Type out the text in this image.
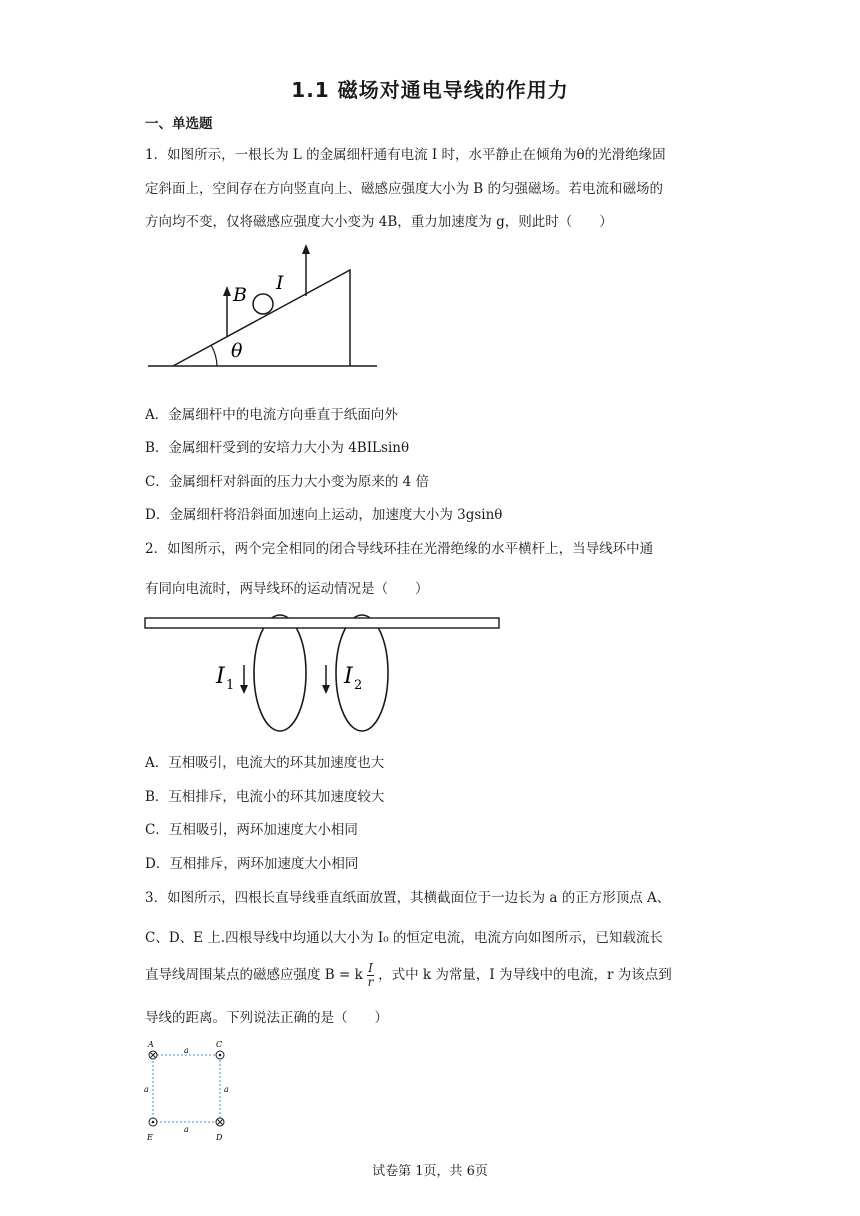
1.1 磁场对通电导线的作用力
一、单选题
1．如图所示，一根长为 L 的金属细杆通有电流 I 时，水平静止在倾角为θ的光滑绝缘固
定斜面上，空间存在方向竖直向上、磁感应强度大小为 B 的匀强磁场。若电流和磁场的
方向均不变，仅将磁感应强度大小变为 4B，重力加速度为 g，则此时（　　）
θ
B
I
A．金属细杆中的电流方向垂直于纸面向外
B．金属细杆受到的安培力大小为 4BILsinθ
C．金属细杆对斜面的压力大小变为原来的 4 倍
D．金属细杆将沿斜面加速向上运动，加速度大小为 3gsinθ
2．如图所示，两个完全相同的闭合导线环挂在光滑绝缘的水平横杆上，当导线环中通
有同向电流时，两导线环的运动情况是（　　）
I 1	I 2
A．互相吸引，电流大的环其加速度也大
B．互相排斥，电流小的环其加速度较大
C．互相吸引，两环加速度大小相同
D．互相排斥，两环加速度大小相同
3．如图所示，四根长直导线垂直纸面放置，其横截面位于一边长为 a 的正方形顶点 A、
C、D、E 上.四根导线中均通以大小为 I₀ 的恒定电流，电流方向如图所示，已知载流长
直导线周围某点的磁感应强度 B = k $\frac{I}{r}$ ，式中 k 为常量，I 为导线中的电流，r 为该点到
导线的距离。下列说法正确的是（　　）
A	C
E	D
a
a
a	a
试卷第 1页，共 6页
